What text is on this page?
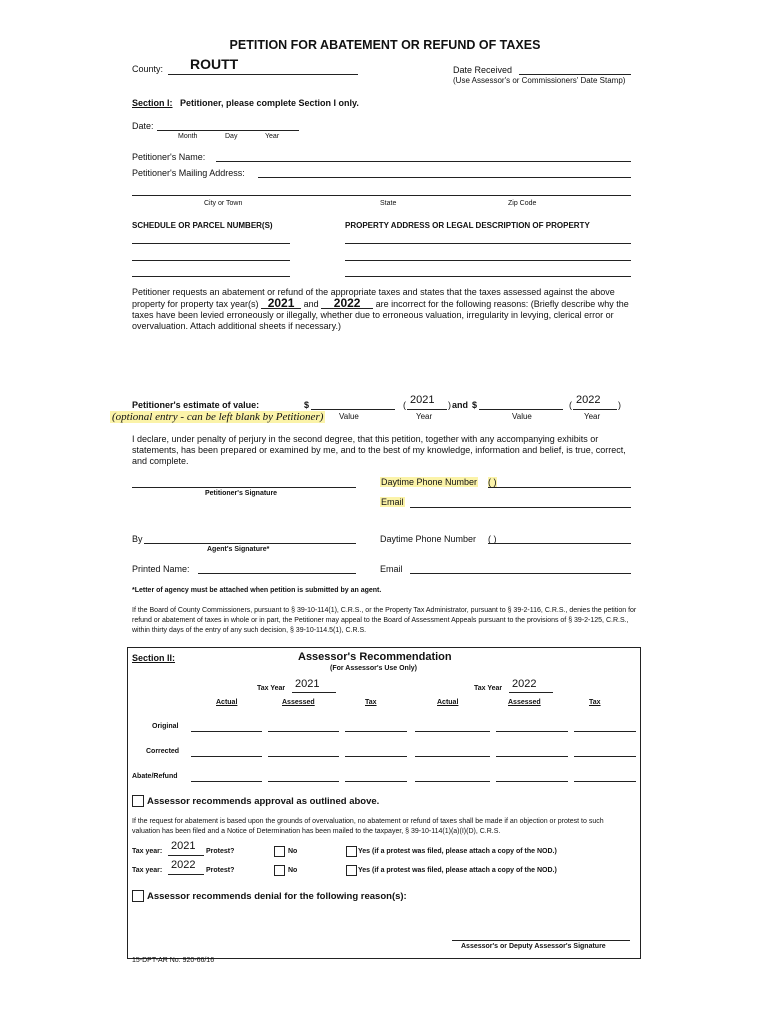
PETITION FOR ABATEMENT OR REFUND OF TAXES
County: ROUTT	Date Received
(Use Assessor's or Commissioners' Date Stamp)
Section I: Petitioner, please complete Section I only.
Date:
Month	Day	Year
Petitioner's Name:
Petitioner's Mailing Address:
City or Town	State	Zip Code
SCHEDULE OR PARCEL NUMBER(S)	PROPERTY ADDRESS OR LEGAL DESCRIPTION OF PROPERTY
Petitioner requests an abatement or refund of the appropriate taxes and states that the taxes assessed against the above property for property tax year(s) 2021 and 2022 are incorrect for the following reasons: (Briefly describe why the taxes have been levied erroneously or illegally, whether due to erroneous valuation, irregularity in levying, clerical error or overvaluation. Attach additional sheets if necessary.)
Petitioner's estimate of value:	$	( 2021 ) and $	( 2022 )
(optional entry - can be left blank by Petitioner) Value	Year	Value	Year
I declare, under penalty of perjury in the second degree, that this petition, together with any accompanying exhibits or statements, has been prepared or examined by me, and to the best of my knowledge, information and belief, is true, correct, and complete.
Petitioner's Signature
Daytime Phone Number ( )
Email
By
Agent's Signature*
Daytime Phone Number ( )
Printed Name:	Email
*Letter of agency must be attached when petition is submitted by an agent.
If the Board of County Commissioners, pursuant to § 39-10-114(1), C.R.S., or the Property Tax Administrator, pursuant to § 39-2-116, C.R.S., denies the petition for refund or abatement of taxes in whole or in part, the Petitioner may appeal to the Board of Assessment Appeals pursuant to the provisions of § 39-2-125, C.R.S., within thirty days of the entry of any such decision, § 39-10-114.5(1), C.R.S.
Section II:	Assessor's Recommendation
(For Assessor's Use Only)
Tax Year 2021	Tax Year 2022
Actual	Assessed	Tax	Actual	Assessed	Tax
Original
Corrected
Abate/Refund
Assessor recommends approval as outlined above.
If the request for abatement is based upon the grounds of overvaluation, no abatement or refund of taxes shall be made if an objection or protest to such valuation has been filed and a Notice of Determination has been mailed to the taxpayer, § 39-10-114(1)(a)(I)(D), C.R.S.
Tax year: 2021 Protest?	No	Yes (if a protest was filed, please attach a copy of the NOD.)
Tax year: 2022 Protest?	No	Yes (if a protest was filed, please attach a copy of the NOD.)
Assessor recommends denial for the following reason(s):
Assessor's or Deputy Assessor's Signature
15-DPT-AR No. 920-66/16
